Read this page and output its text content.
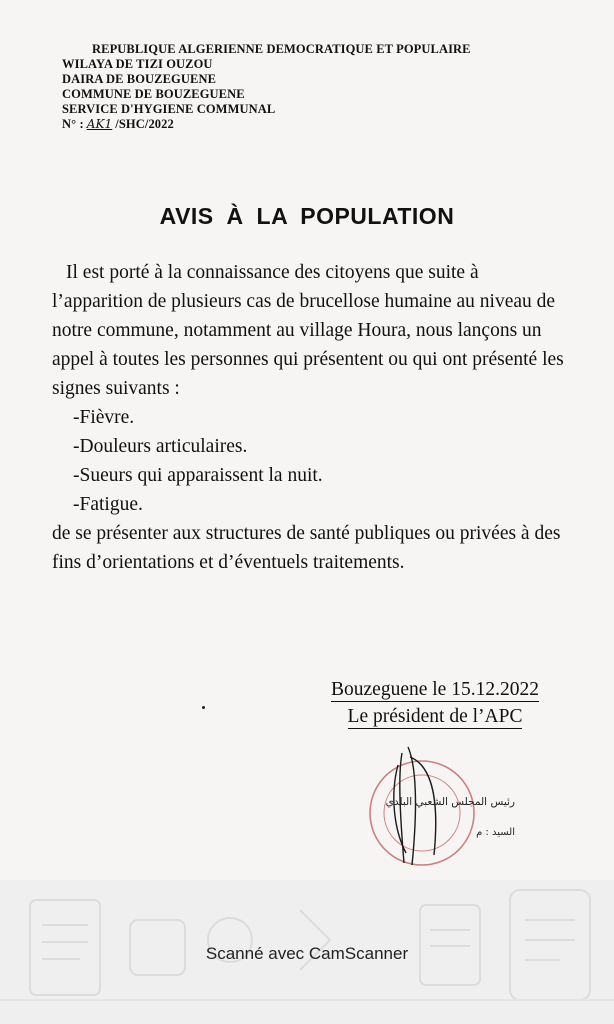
REPUBLIQUE ALGERIENNE DEMOCRATIQUE ET POPULAIRE
WILAYA DE TIZI OUZOU
DAIRA DE BOUZEGUENE
COMMUNE DE BOUZEGUENE
SERVICE D'HYGIENE COMMUNAL
N° : AK1 /SHC/2022
AVIS À LA POPULATION
Il est porté à la connaissance des citoyens que suite à l’apparition de plusieurs cas de brucellose humaine au niveau de notre commune, notamment au village Houra, nous lançons un appel à toutes les personnes qui présentent ou qui ont présenté les signes suivants :
-Fièvre.
-Douleurs articulaires.
-Sueurs qui apparaissent la nuit.
-Fatigue.
de se présenter aux structures de santé publiques ou privées à des fins d’orientations et d’éventuels traitements.
Bouzeguene le 15.12.2022
Le président de l’APC
رئيس المجلس الشعبي البلدي
السيد : م
Scanné avec CamScanner
